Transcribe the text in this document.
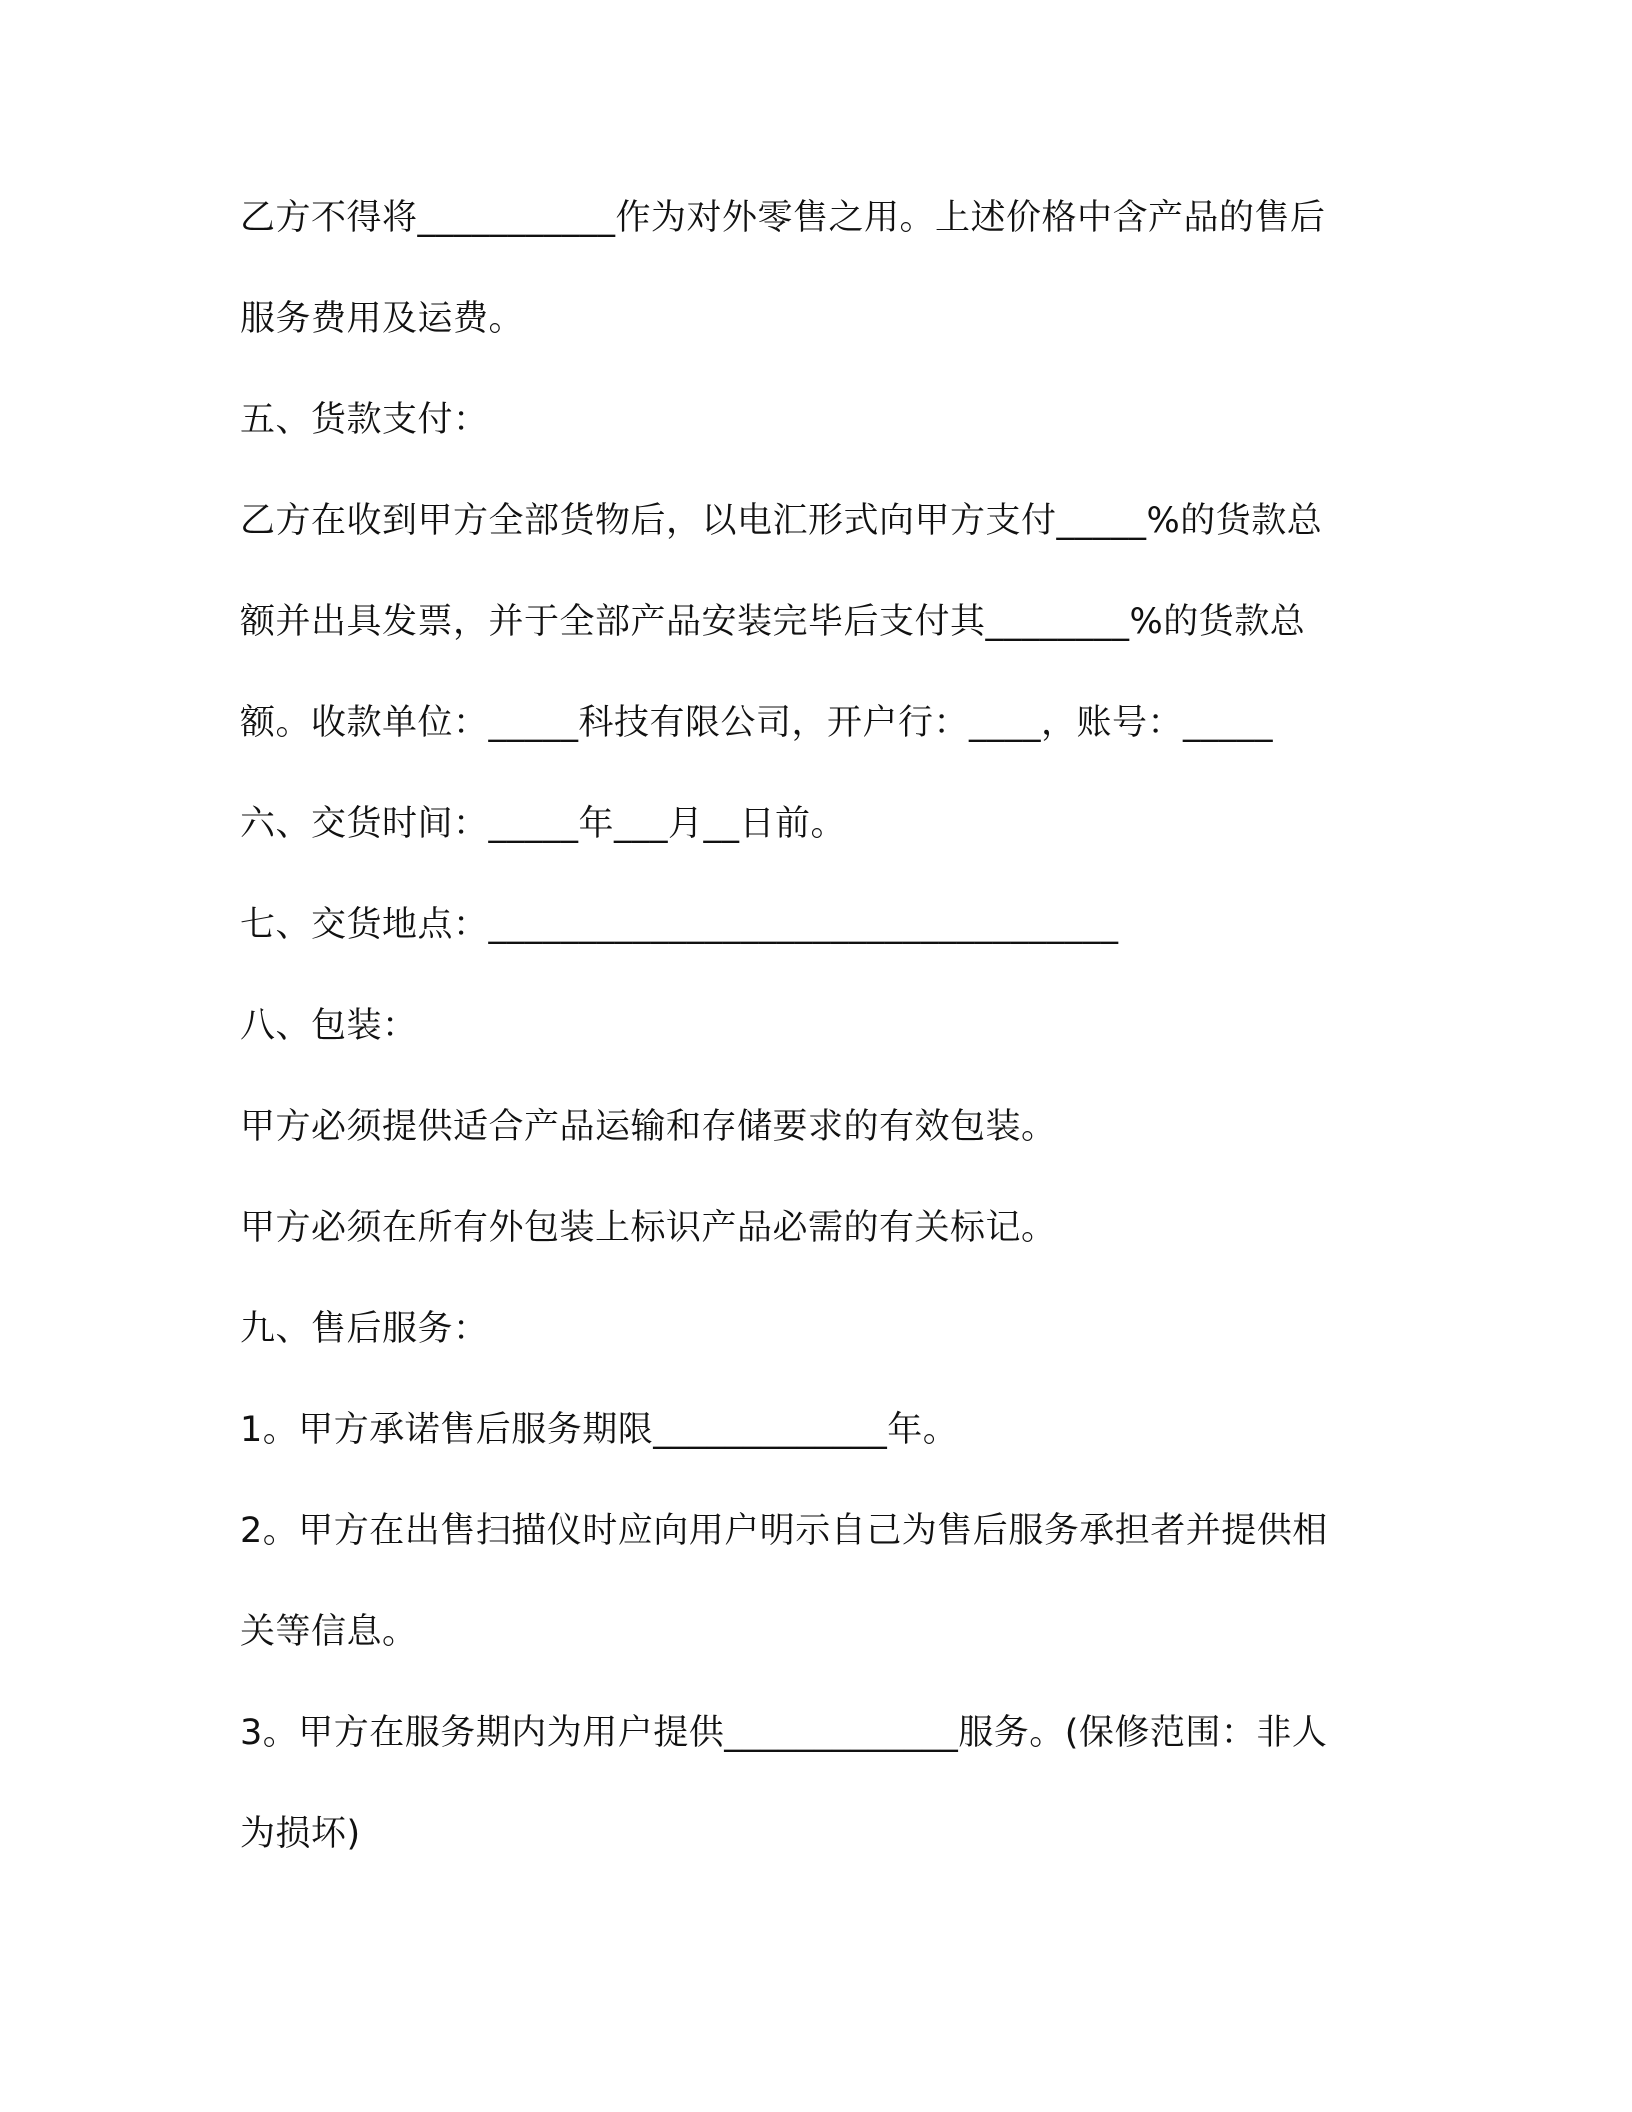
乙方不得将___________作为对外零售之用。上述价格中含产品的售后
服务费用及运费。
五、货款支付：
乙方在收到甲方全部货物后，以电汇形式向甲方支付_____%的货款总
额并出具发票，并于全部产品安装完毕后支付其________%的货款总
额。收款单位：_____科技有限公司，开户行：____，账号：_____
六、交货时间：_____年___月__日前。
七、交货地点：___________________________________
八、包装：
甲方必须提供适合产品运输和存储要求的有效包装。
甲方必须在所有外包装上标识产品必需的有关标记。
九、售后服务：
1。甲方承诺售后服务期限_____________年。
2。甲方在出售扫描仪时应向用户明示自己为售后服务承担者并提供相
关等信息。
3。甲方在服务期内为用户提供_____________服务。(保修范围：非人
为损坏)
